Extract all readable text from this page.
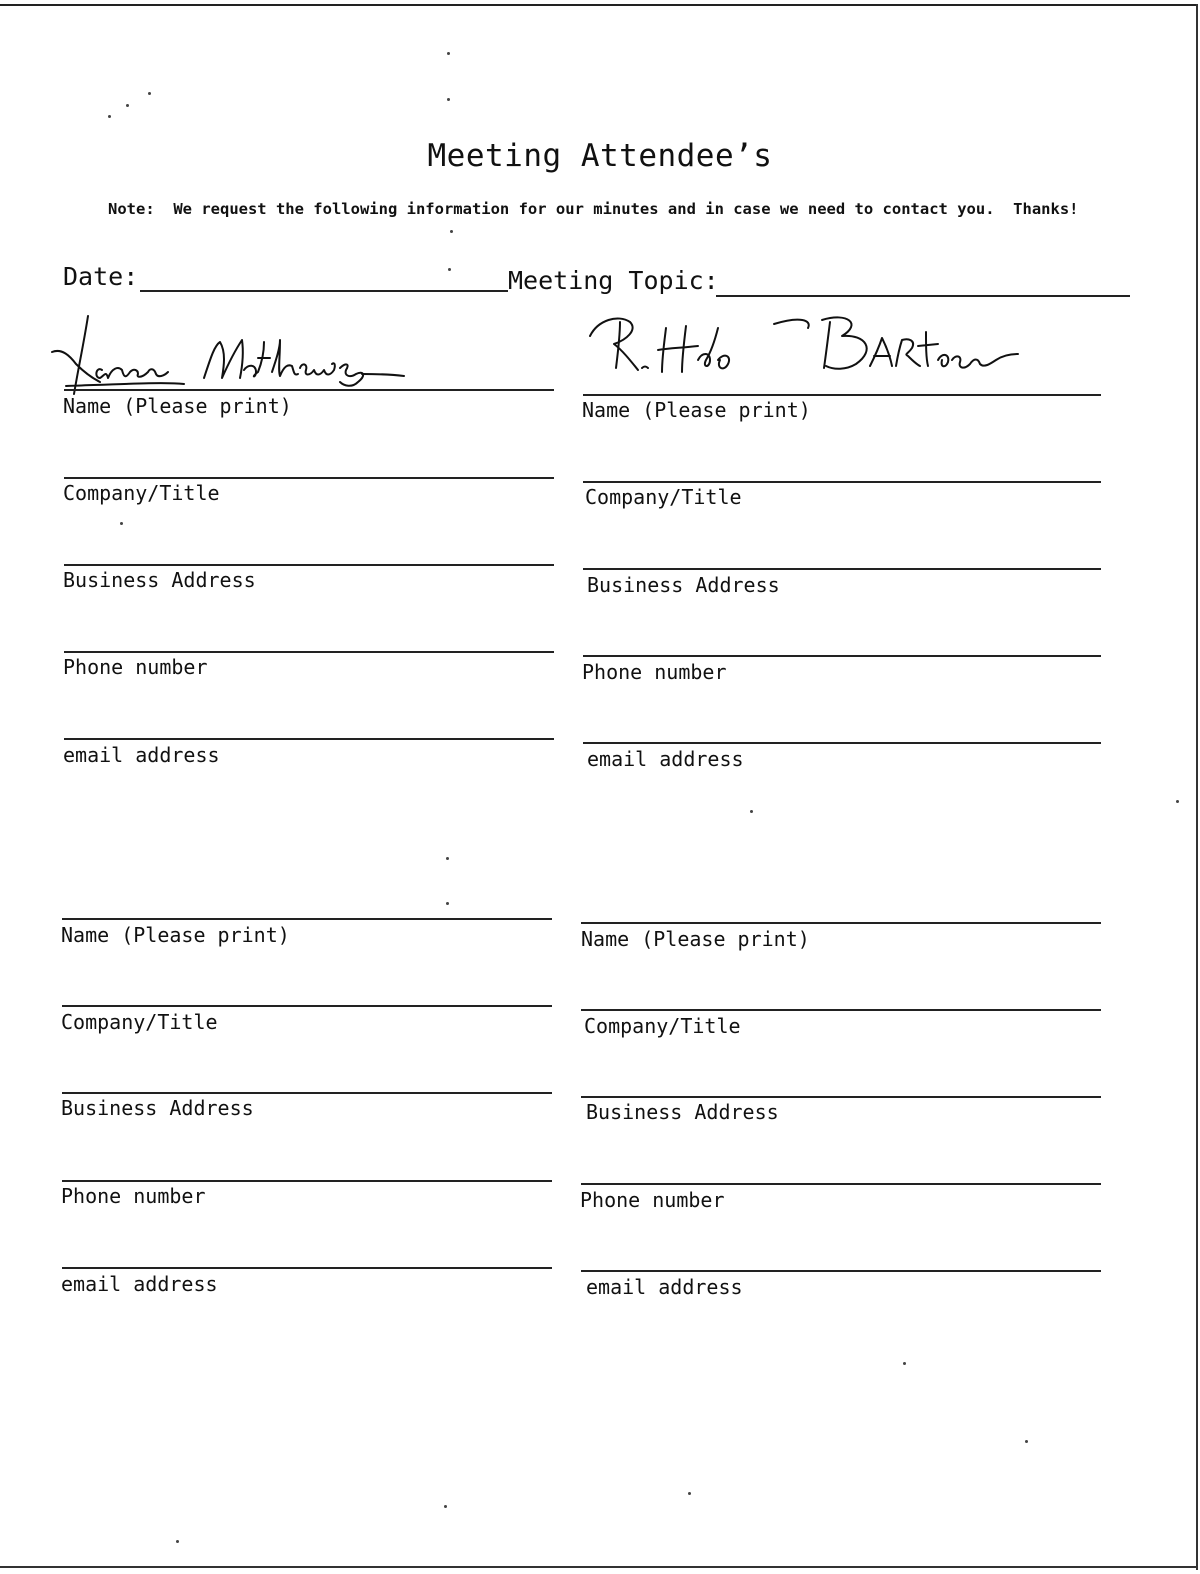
Meeting Attendee’s
Note:  We request the following information for our minutes and in case we need to contact you.  Thanks!
Date:	Meeting Topic:
Name (Please print)
Company/Title
Business Address
Phone number
email address
Name (Please print)
Company/Title
Business Address
Phone number
email address
Name (Please print)
Company/Title
Business Address
Phone number
email address
Name (Please print)
Company/Title
Business Address
Phone number
email address
